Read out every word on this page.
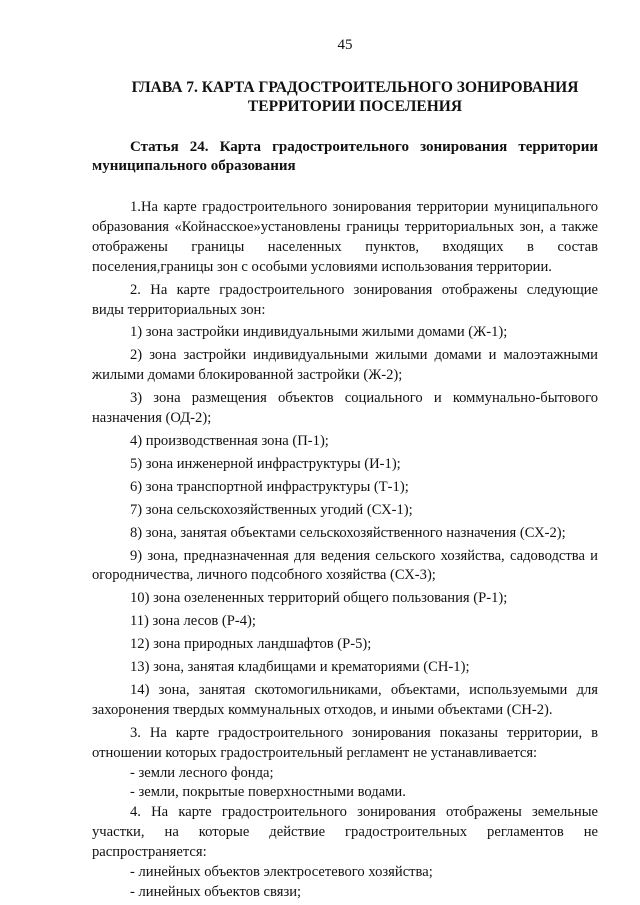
45
ГЛАВА 7. КАРТА ГРАДОСТРОИТЕЛЬНОГО ЗОНИРОВАНИЯ
ТЕРРИТОРИИ ПОСЕЛЕНИЯ
Статья 24. Карта градостроительного зонирования территории муниципального образования

1.На карте градостроительного зонирования территории муниципального образования «Койнасское»установлены границы территориальных зон, а также отображены границы населенных пунктов, входящих в состав поселения,границы зон с особыми условиями использования территории.

2. На карте градостроительного зонирования отображены следующие виды территориальных зон:

1) зона застройки индивидуальными жилыми домами (Ж-1);

2) зона застройки индивидуальными жилыми домами и малоэтажными жилыми домами блокированной застройки (Ж-2);

3) зона размещения объектов социального и коммунально-бытового назначения (ОД-2);

4) производственная зона (П-1);

5) зона инженерной инфраструктуры (И-1);

6) зона транспортной инфраструктуры (Т-1);

7) зона сельскохозяйственных угодий (СХ-1);

8) зона, занятая объектами сельскохозяйственного назначения (СХ-2);

9) зона, предназначенная для ведения сельского хозяйства, садоводства и огородничества, личного подсобного хозяйства (СХ-3);

10) зона озелененных территорий общего пользования (Р-1);

11) зона лесов (Р-4);

12) зона природных ландшафтов (Р-5);

13) зона, занятая кладбищами и крематориями (СН-1);

14) зона, занятая скотомогильниками, объектами, используемыми для захоронения твердых коммунальных отходов, и иными объектами (СН-2).

3. На карте градостроительного зонирования показаны территории, в отношении которых градостроительный регламент не устанавливается:

- земли лесного фонда;

- земли, покрытые поверхностными водами.

4. На карте градостроительного зонирования отображены земельные участки, на которые действие градостроительных регламентов не распространяется:

- линейных объектов электросетевого хозяйства;

- линейных объектов связи;
